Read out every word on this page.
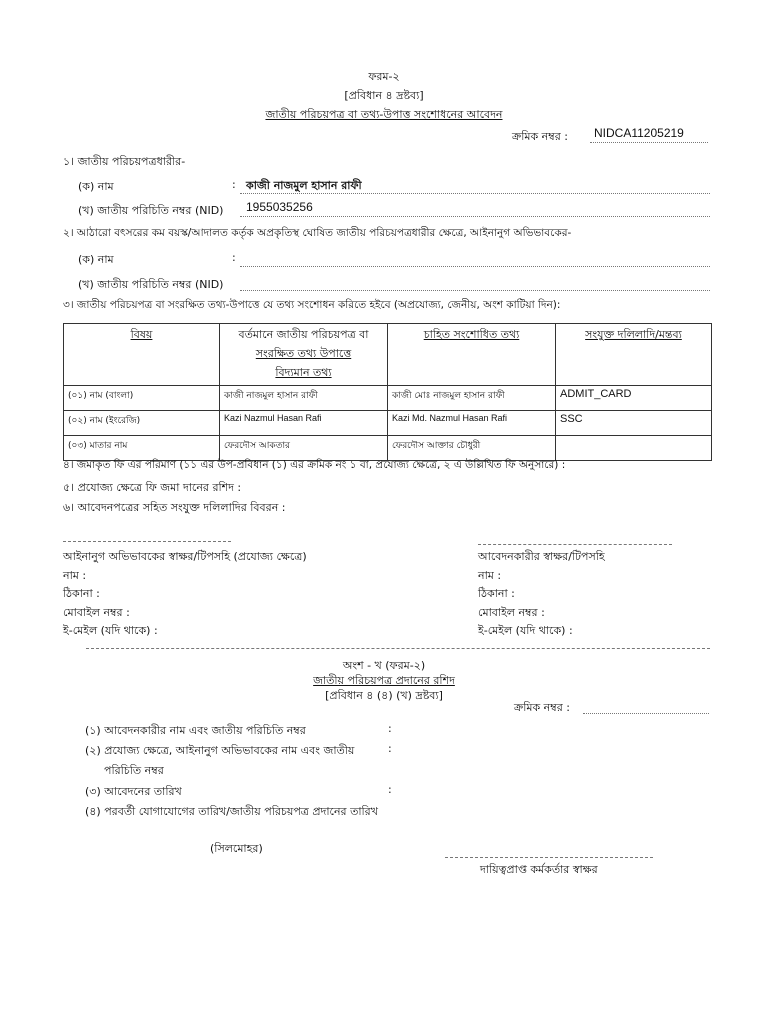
ফরম-২
[প্রবিধান ৪ দ্রষ্টব্য]
জাতীয় পরিচয়পত্র বা তথ্য-উপাত্ত সংশোধনের আবেদন
ক্রমিক নম্বর : NIDCA11205219
১। জাতীয় পরিচয়পত্রধারীর-
(ক) নাম	: কাজী নাজমুল হাসান রাফী
(খ) জাতীয় পরিচিতি নম্বর (NID) 1955035256
২। আঠারো বৎসরের কম বয়স্ক/আদালত কর্তৃক অপ্রকৃতিস্থ ঘোষিত জাতীয় পরিচয়পত্রধারীর ক্ষেত্রে, আইনানুগ অভিভাবকের-
(ক) নাম	:
(খ) জাতীয় পরিচিতি নম্বর (NID)
৩। জাতীয় পরিচয়পত্র বা সংরক্ষিত তথ্য-উপাত্তে যে তথ্য সংশোধন করিতে হইবে (অপ্রযোজ্য, জেনীয়, অংশ কাটিয়া দিন):
বিষয়	বর্তমানে জাতীয় পরিচয়পত্র বা
সংরক্ষিত তথ্য উপাত্তে
বিদ্যমান তথ্য	চাহিত সংশোধিত তথ্য	সংযুক্ত দলিলাদি/মন্তব্য
(০১) নাম (বাংলা)	কাজী নাজমুল হাসান রাফী	কাজী মোঃ নাজমুল হাসান রাফী	ADMIT_CARD
(০২) নাম (ইংরেজি)	Kazi Nazmul Hasan Rafi	Kazi Md. Nazmul Hasan Rafi	SSC
(০৩) মাতার নাম	ফেরদৌস আকতার	ফেরদৌস আক্তার চৌধুরী	
৪। জমাকৃত ফি এর পরিমাণ (১১ এর উপ-প্রবিধান (১) এর ক্রমিক নং ১ বা, প্রযোজ্য ক্ষেত্রে, ২ এ উল্লিখিত ফি অনুসারে) :
৫। প্রযোজ্য ক্ষেত্রে ফি জমা দানের রশিদ :
৬। আবেদনপত্রের সহিত সংযুক্ত দলিলাদির বিবরন :
আইনানুগ অভিভাবকের স্বাক্ষর/টিপসহি (প্রযোজ্য ক্ষেত্রে)
নাম :
ঠিকানা :
মোবাইল নম্বর :
ই-মেইল (যদি থাকে) :
আবেদনকারীর স্বাক্ষর/টিপসহি
নাম :
ঠিকানা :
মোবাইল নম্বর :
ই-মেইল (যদি থাকে) :
অংশ - খ (ফরম-২)
জাতীয় পরিচয়পত্র প্রদানের রশিদ
[প্রবিধান ৪ (৪) (খ) দ্রষ্টব্য]
ক্রমিক নম্বর :
(১) আবেদনকারীর নাম এবং জাতীয় পরিচিতি নম্বর	:
(২) প্রযোজ্য ক্ষেত্রে, আইনানুগ অভিভাবকের নাম এবং জাতীয়	:
পরিচিতি নম্বর
(৩) আবেদনের তারিখ	:
(৪) পরবর্তী যোগাযোগের তারিখ/জাতীয় পরিচয়পত্র প্রদানের তারিখ
(সিলমোহর)
দায়িত্বপ্রাপ্ত কর্মকর্তার স্বাক্ষর
